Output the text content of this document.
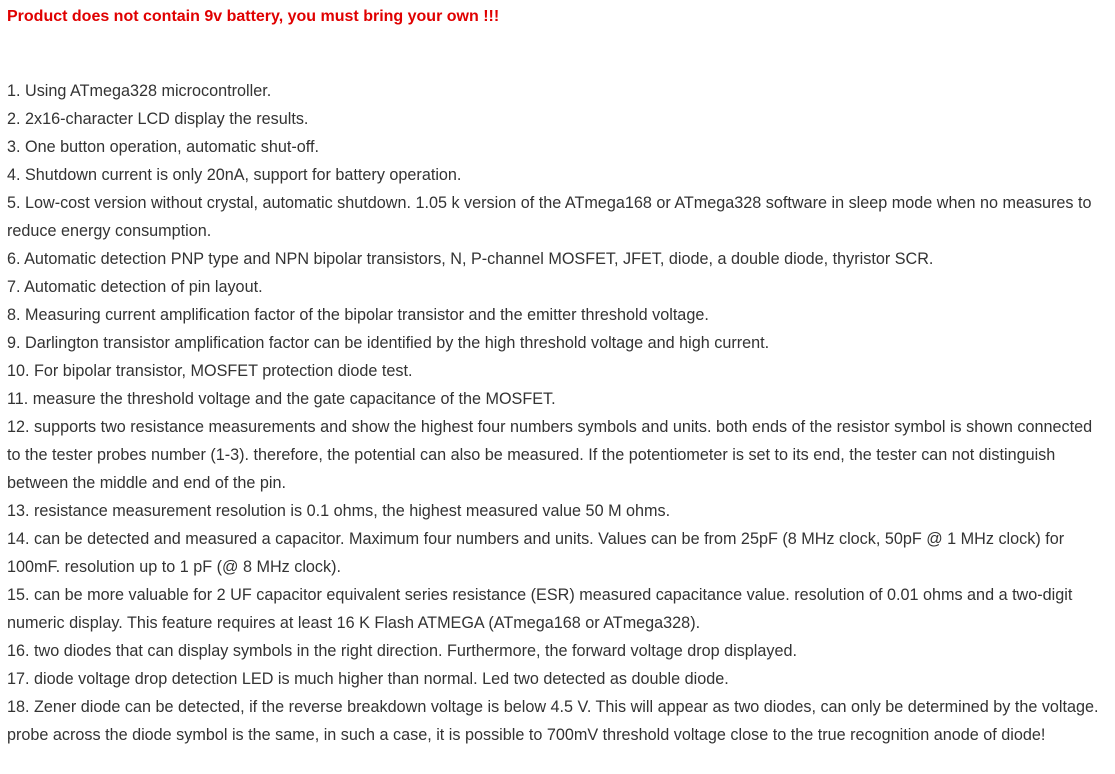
Product does not contain 9v battery, you must bring your own !!!

1. Using ATmega328 microcontroller.
2. 2x16-character LCD display the results.
3. One button operation, automatic shut-off.
4. Shutdown current is only 20nA, support for battery operation.
5. Low-cost version without crystal, automatic shutdown. 1.05 k version of the ATmega168 or ATmega328 software in sleep mode when no measures to reduce energy consumption.
6. Automatic detection PNP type and NPN bipolar transistors, N, P-channel MOSFET, JFET, diode, a double diode, thyristor SCR.
7. Automatic detection of pin layout.
8. Measuring current amplification factor of the bipolar transistor and the emitter threshold voltage.
9. Darlington transistor amplification factor can be identified by the high threshold voltage and high current.
10. For bipolar transistor, MOSFET protection diode test.
11. measure the threshold voltage and the gate capacitance of the MOSFET.
12. supports two resistance measurements and show the highest four numbers symbols and units. both ends of the resistor symbol is shown connected to the tester probes number (1-3). therefore, the potential can also be measured. If the potentiometer is set to its end, the tester can not distinguish between the middle and end of the pin.
13. resistance measurement resolution is 0.1 ohms, the highest measured value 50 M ohms.
14. can be detected and measured a capacitor. Maximum four numbers and units. Values can be from 25pF (8 MHz clock, 50pF @ 1 MHz clock) for 100mF. resolution up to 1 pF (@ 8 MHz clock).
15. can be more valuable for 2 UF capacitor equivalent series resistance (ESR) measured capacitance value. resolution of 0.01 ohms and a two-digit numeric display. This feature requires at least 16 K Flash ATMEGA (ATmega168 or ATmega328).
16. two diodes that can display symbols in the right direction. Furthermore, the forward voltage drop displayed.
17. diode voltage drop detection LED is much higher than normal. Led two detected as double diode.
18. Zener diode can be detected, if the reverse breakdown voltage is below 4.5 V. This will appear as two diodes, can only be determined by the voltage. probe across the diode symbol is the same, in such a case, it is possible to 700mV threshold voltage close to the true recognition anode of diode!
